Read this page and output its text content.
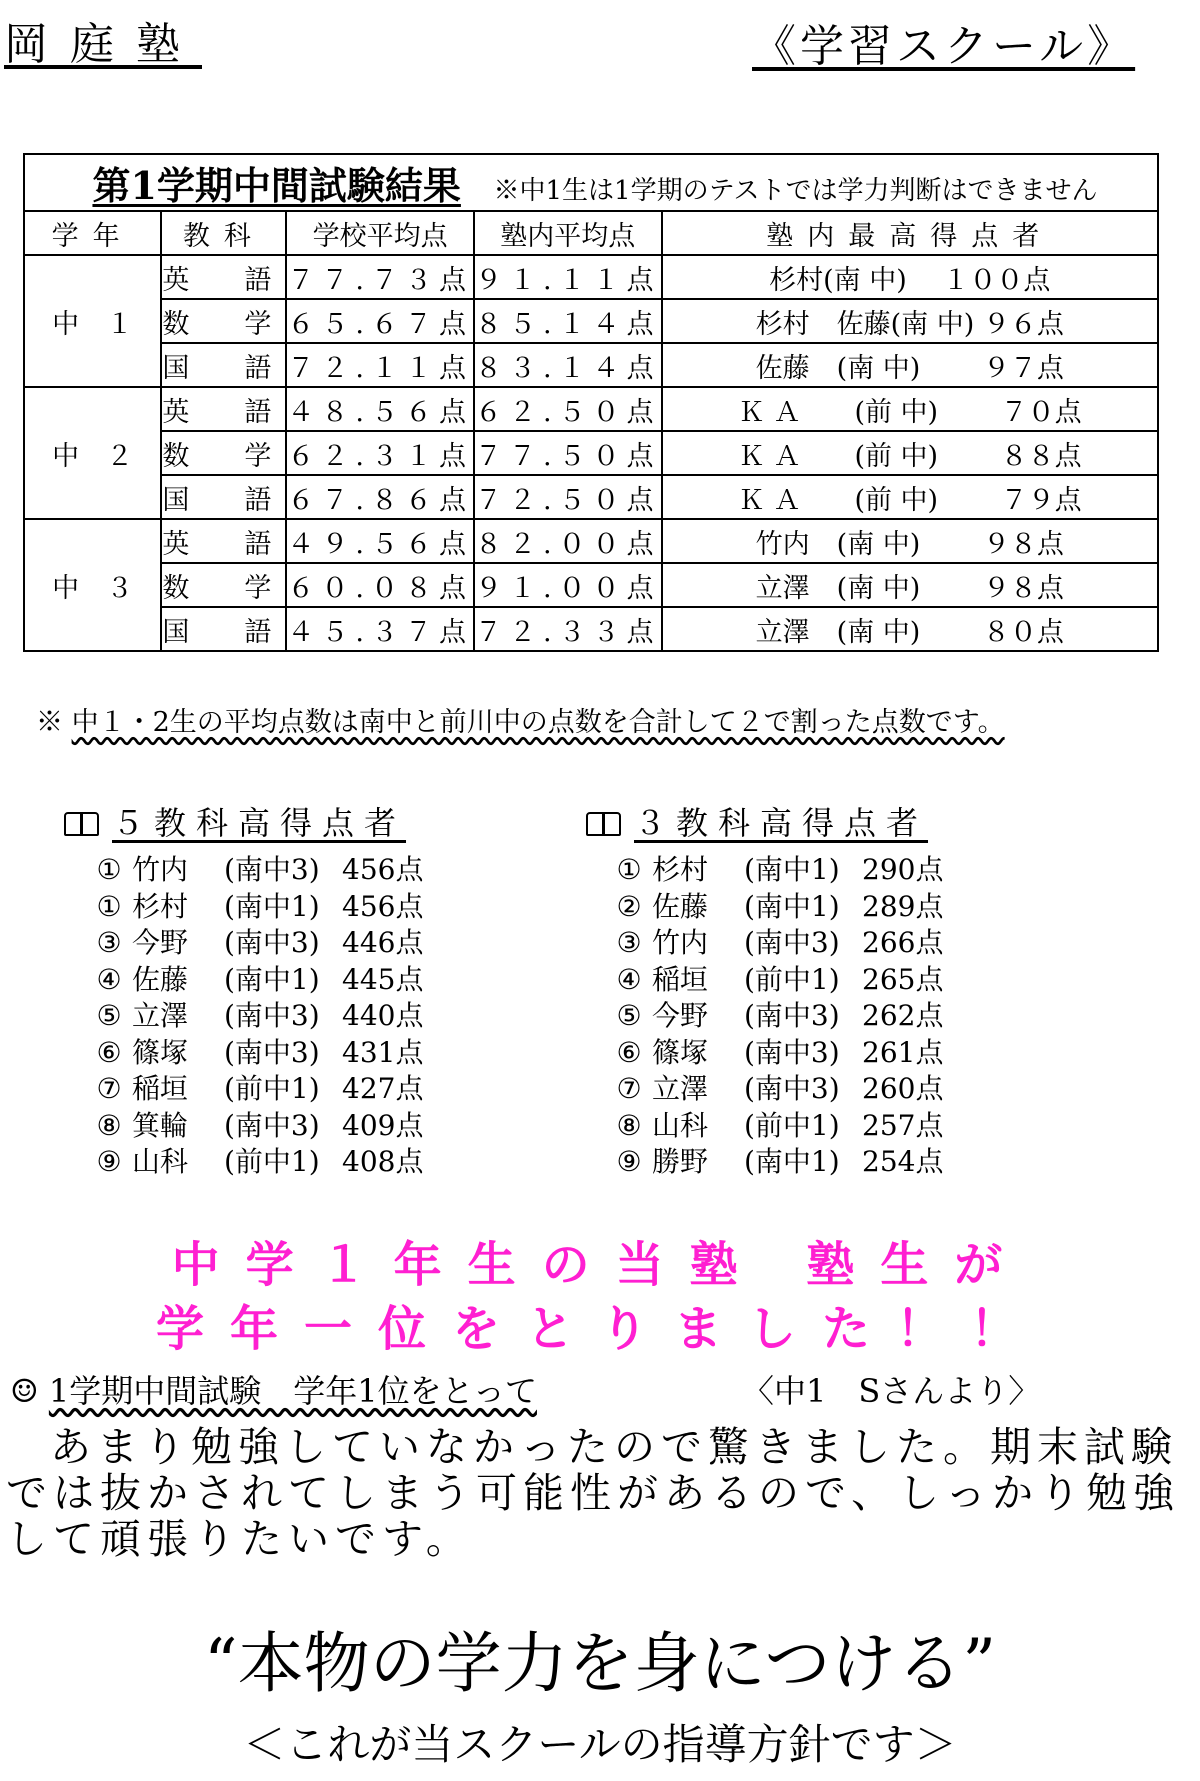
岡庭塾	《学習スクール》
第1学期中間試験結果 ※中1生は1学期のテストでは学力判断はできません				
学年	教科	学校平均点	塾内平均点	塾内最高得点者
中　１	英　語	７７.７３点	９１.１１点	杉村(南 中)　 １００点
	数　学	６５.６７点	８５.１４点	杉村　佐藤(南 中) ９６点
	国　語	７２.１１点	８３.１４点	佐藤　(南 中)　　 ９７点
中　２	英　語	４８.５６点	６２.５０点	Ｋ Ａ　　(前 中)　　 ７０点
	数　学	６２.３１点	７７.５０点	Ｋ Ａ　　(前 中)　　 ８８点
	国　語	６７.８６点	７２.５０点	Ｋ Ａ　　(前 中)　　 ７９点
中　３	英　語	４９.５６点	８２.００点	竹内　(南 中)　　 ９８点
	数　学	６０.０８点	９１.００点	立澤　(南 中)　　 ９８点
	国　語	４５.３７点	７２.３３点	立澤　(南 中)　　 ８０点
※ 中１・2生の平均点数は南中と前川中の点数を合計して２で割った点数です。
５教科高得点者
① 竹内 (南中3) 456点
① 杉村 (南中1) 456点
③ 今野 (南中3) 446点
④ 佐藤 (南中1) 445点
⑤ 立澤 (南中3) 440点
⑥ 篠塚 (南中3) 431点
⑦ 稲垣 (前中1) 427点
⑧ 箕輪 (南中3) 409点
⑨ 山科 (前中1) 408点
３教科高得点者
① 杉村 (南中1) 290点
② 佐藤 (南中1) 289点
③ 竹内 (南中3) 266点
④ 稲垣 (前中1) 265点
⑤ 今野 (南中3) 262点
⑥ 篠塚 (南中3) 261点
⑦ 立澤 (南中3) 260点
⑧ 山科 (前中1) 257点
⑨ 勝野 (南中1) 254点
中学１年生の当塾 塾生が
学年一位をとりました！！
☺ 1学期中間試験　学年1位をとって	〈中1　Sさんより〉

あまり勉強していなかったので驚きました。期末試験では抜かされてしまう可能性があるので、しっかり勉強して頑張りたいです。

“本物の学力を身につける”
＜これが当スクールの指導方針です＞
